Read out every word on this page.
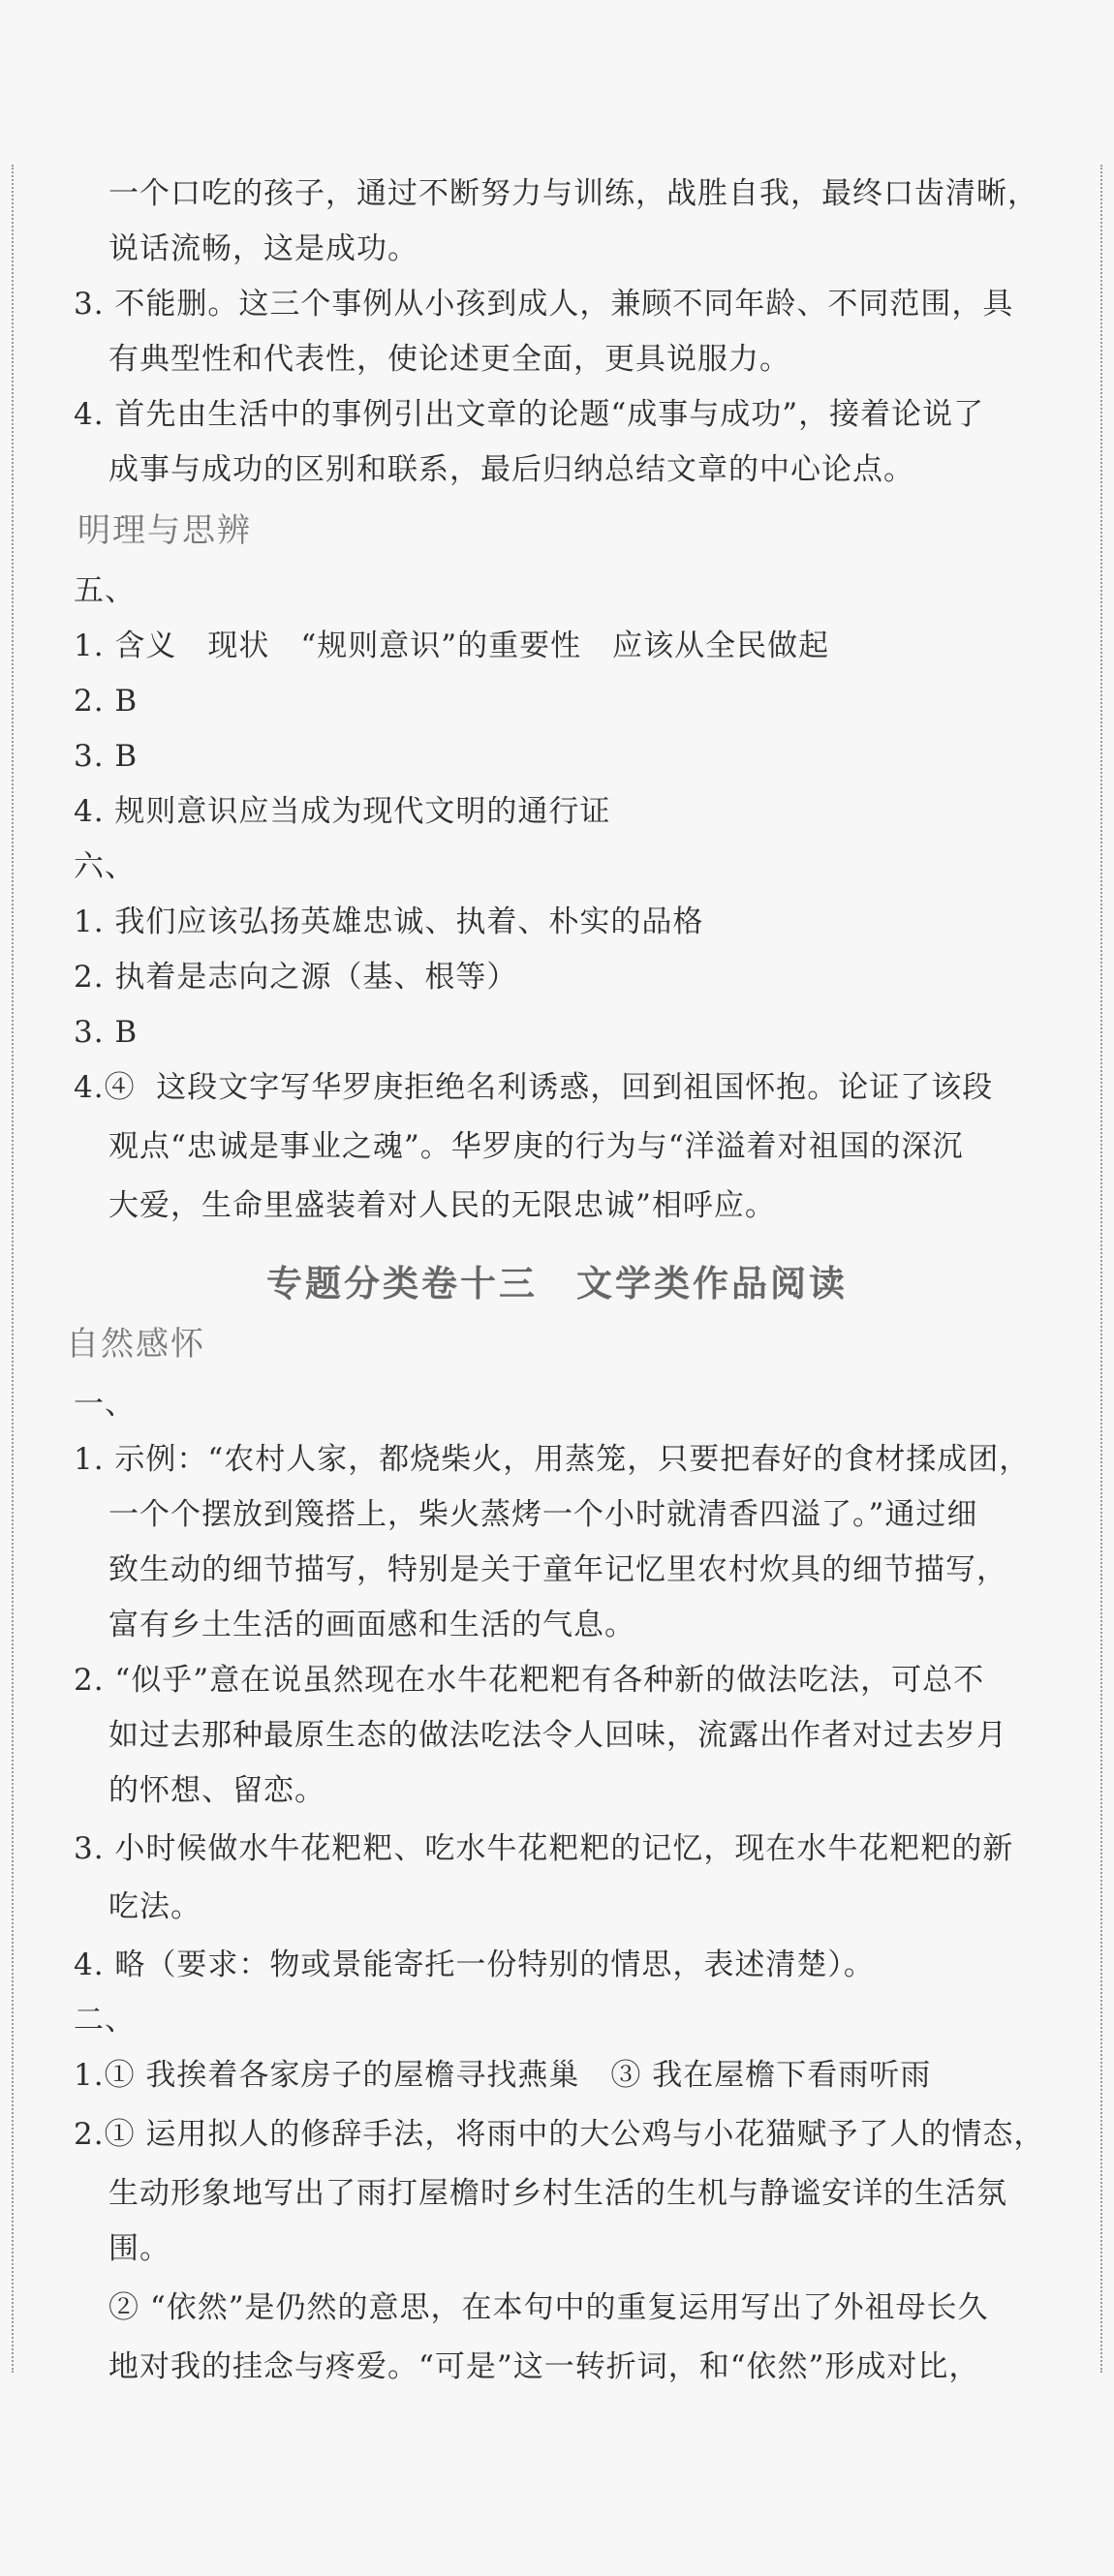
一个口吃的孩子，通过不断努力与训练，战胜自我，最终口齿清晰，
说话流畅，这是成功。
3. 不能删。这三个事例从小孩到成人，兼顾不同年龄、不同范围，具
有典型性和代表性，使论述更全面，更具说服力。
4. 首先由生活中的事例引出文章的论题“成事与成功”，接着论说了
成事与成功的区别和联系，最后归纳总结文章的中心论点。
明理与思辨
五、
1. 含义　现状　“规则意识”的重要性　应该从全民做起
2. B
3. B
4. 规则意识应当成为现代文明的通行证
六、
1. 我们应该弘扬英雄忠诚、执着、朴实的品格
2. 执着是志向之源（基、根等）
3. B
4.④  这段文字写华罗庚拒绝名利诱惑，回到祖国怀抱。论证了该段
观点“忠诚是事业之魂”。华罗庚的行为与“洋溢着对祖国的深沉
大爱，生命里盛装着对人民的无限忠诚”相呼应。
专题分类卷十三　文学类作品阅读
自然感怀
一、
1. 示例：“农村人家，都烧柴火，用蒸笼，只要把春好的食材揉成团，
一个个摆放到篾搭上，柴火蒸烤一个小时就清香四溢了。”通过细
致生动的细节描写，特别是关于童年记忆里农村炊具的细节描写，
富有乡土生活的画面感和生活的气息。
2. “似乎”意在说虽然现在水牛花粑粑有各种新的做法吃法，可总不
如过去那种最原生态的做法吃法令人回味，流露出作者对过去岁月
的怀想、留恋。
3. 小时候做水牛花粑粑、吃水牛花粑粑的记忆，现在水牛花粑粑的新
吃法。
4. 略（要求：物或景能寄托一份特别的情思，表述清楚）。
二、
1.① 我挨着各家房子的屋檐寻找燕巢　③ 我在屋檐下看雨听雨
2.① 运用拟人的修辞手法，将雨中的大公鸡与小花猫赋予了人的情态，
生动形象地写出了雨打屋檐时乡村生活的生机与静谧安详的生活氛
围。
② “依然”是仍然的意思，在本句中的重复运用写出了外祖母长久
地对我的挂念与疼爱。“可是”这一转折词，和“依然”形成对比，
